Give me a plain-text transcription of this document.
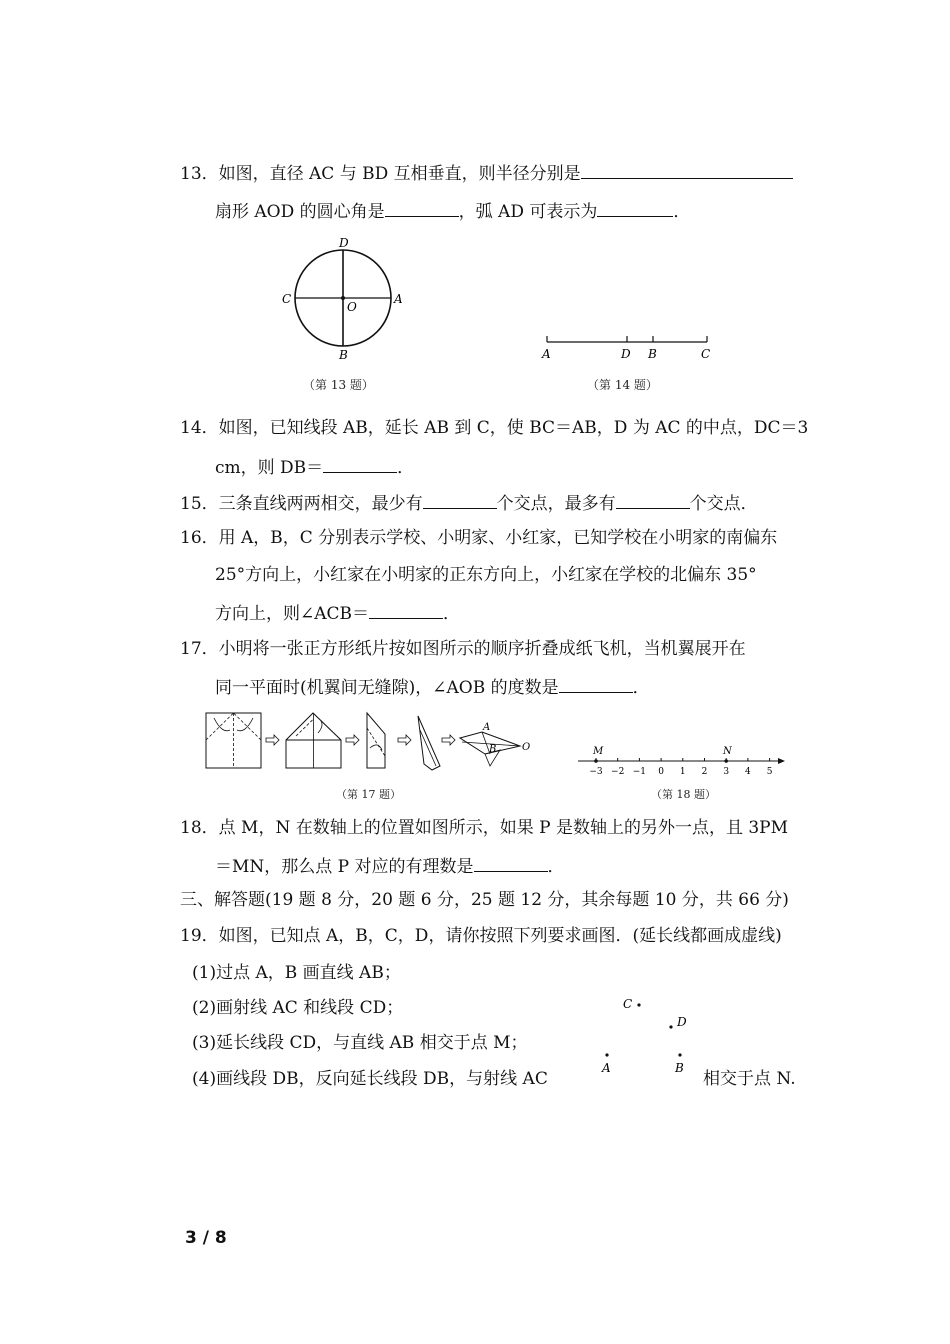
13．如图，直径 AC 与 BD 互相垂直，则半径分别是
扇形 AOD 的圆心角是	，弧 AD 可表示为	．
D
C	A
O
B
（第 13 题）
A	D B	C
（第 14 题）
14．如图，已知线段 AB，延长 AB 到 C，使 BC＝AB，D 为 AC 的中点，DC＝3
cm，则 DB＝	．
15．三条直线两两相交，最少有	个交点，最多有	个交点．
16．用 A，B，C 分别表示学校、小明家、小红家，已知学校在小明家的南偏东
25°方向上，小红家在小明家的正东方向上，小红家在学校的北偏东 35°
方向上，则∠ACB＝	．
17．小明将一张正方形纸片按如图所示的顺序折叠成纸飞机，当机翼展开在
同一平面时(机翼间无缝隙)，∠AOB 的度数是	．
A
B	O
（第 17 题）
M	N
−3 −2 −1 0 1 2 3 4 5
（第 18 题）
18．点 M，N 在数轴上的位置如图所示，如果 P 是数轴上的另外一点，且 3PM
＝MN，那么点 P 对应的有理数是	．
三、解答题(19 题 8 分，20 题 6 分，25 题 12 分，其余每题 10 分，共 66 分)
19．如图，已知点 A，B，C，D，请你按照下列要求画图．(延长线都画成虚线)
(1)过点 A，B 画直线 AB；
(2)画射线 AC 和线段 CD；
(3)延长线段 CD，与直线 AB 相交于点 M；
(4)画线段 DB，反向延长线段 DB，与射线 AC	相交于点 N.
C
D
A	B
3 / 8
